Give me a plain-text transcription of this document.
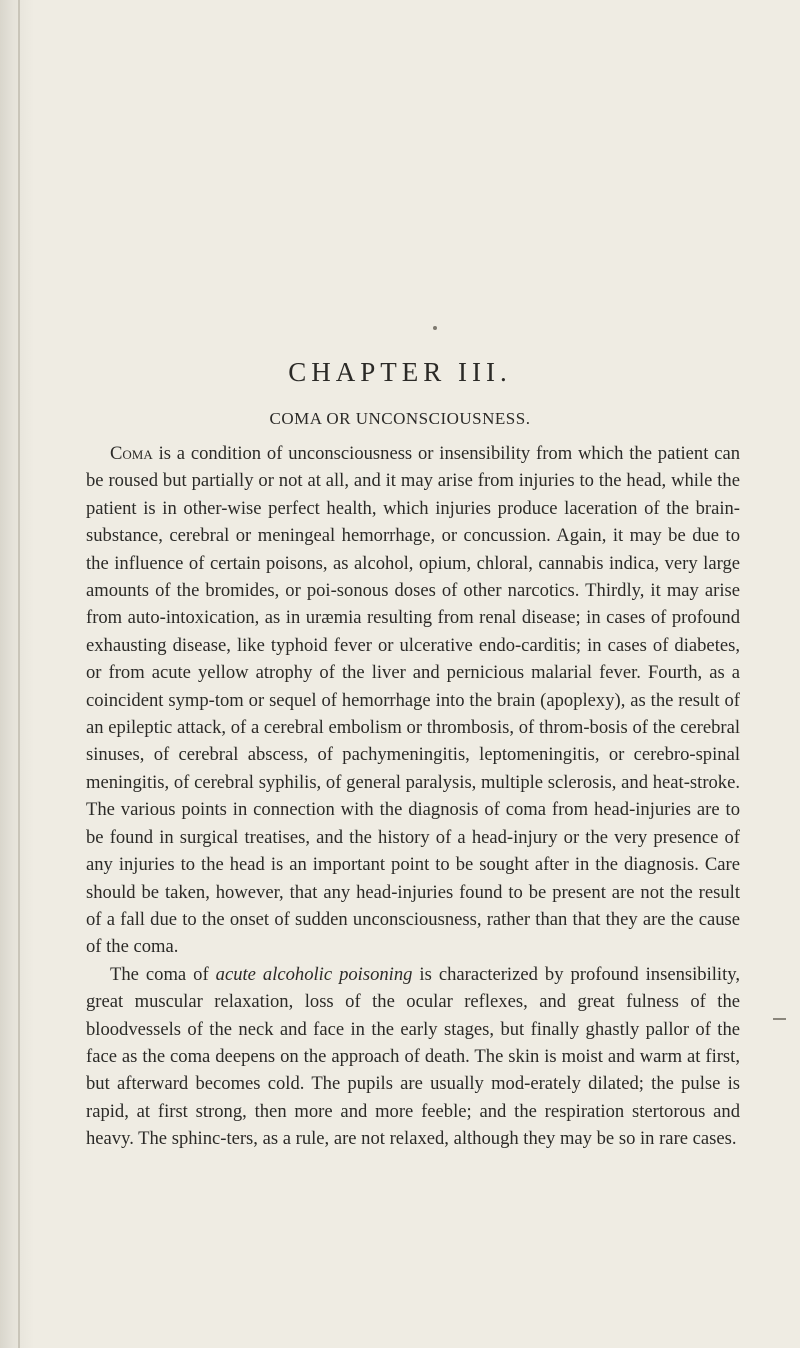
CHAPTER III.
COMA OR UNCONSCIOUSNESS.

Coma is a condition of unconsciousness or insensibility from which the patient can be roused but partially or not at all, and it may arise from injuries to the head, while the patient is in other-wise perfect health, which injuries produce laceration of the brain-substance, cerebral or meningeal hemorrhage, or concussion. Again, it may be due to the influence of certain poisons, as alcohol, opium, chloral, cannabis indica, very large amounts of the bromides, or poi-sonous doses of other narcotics. Thirdly, it may arise from auto-intoxication, as in uræmia resulting from renal disease; in cases of profound exhausting disease, like typhoid fever or ulcerative endo-carditis; in cases of diabetes, or from acute yellow atrophy of the liver and pernicious malarial fever. Fourth, as a coincident symp-tom or sequel of hemorrhage into the brain (apoplexy), as the result of an epileptic attack, of a cerebral embolism or thrombosis, of throm-bosis of the cerebral sinuses, of cerebral abscess, of pachymeningitis, leptomeningitis, or cerebro-spinal meningitis, of cerebral syphilis, of general paralysis, multiple sclerosis, and heat-stroke. The various points in connection with the diagnosis of coma from head-injuries are to be found in surgical treatises, and the history of a head-injury or the very presence of any injuries to the head is an important point to be sought after in the diagnosis. Care should be taken, however, that any head-injuries found to be present are not the result of a fall due to the onset of sudden unconsciousness, rather than that they are the cause of the coma.

The coma of acute alcoholic poisoning is characterized by profound insensibility, great muscular relaxation, loss of the ocular reflexes, and great fulness of the bloodvessels of the neck and face in the early stages, but finally ghastly pallor of the face as the coma deepens on the approach of death. The skin is moist and warm at first, but afterward becomes cold. The pupils are usually mod-erately dilated; the pulse is rapid, at first strong, then more and more feeble; and the respiration stertorous and heavy. The sphinc-ters, as a rule, are not relaxed, although they may be so in rare cases.
